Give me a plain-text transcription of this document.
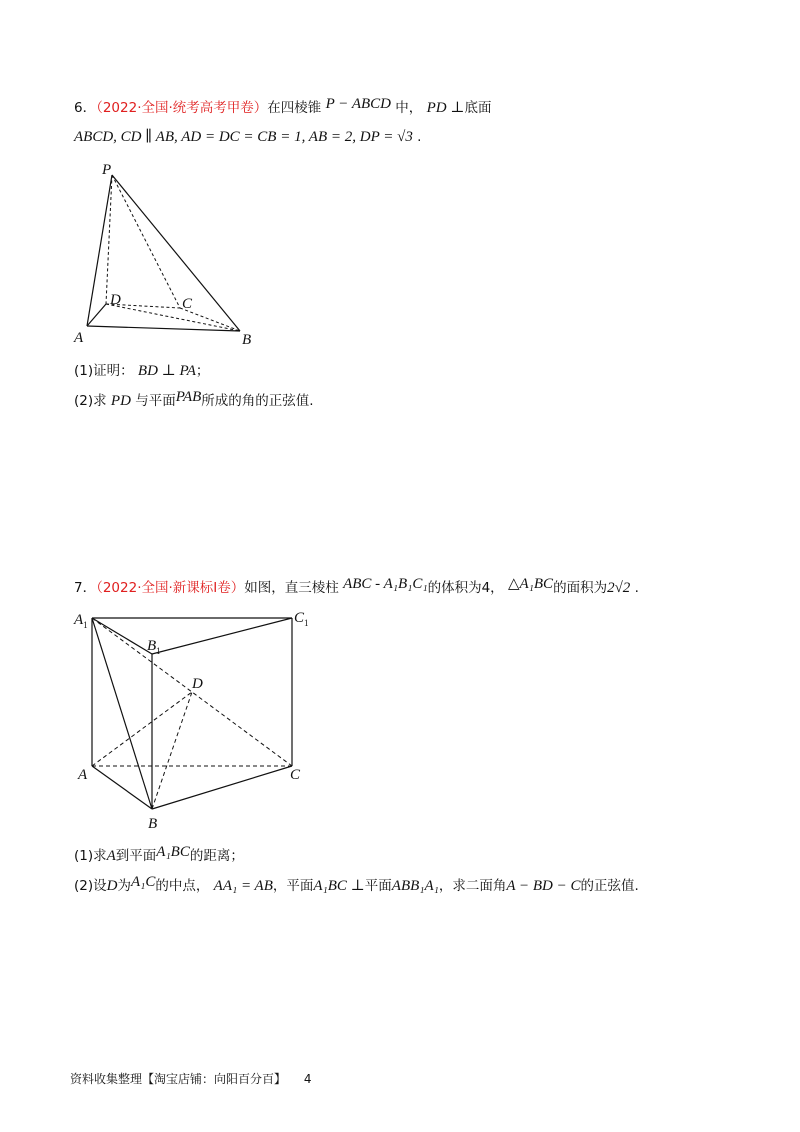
6．（2022·全国·统考高考甲卷）在四棱锥 P − ABCD 中， PD ⊥底面
ABCD, CD ∥ AB, AD = DC = CB = 1, AB = 2, DP = √3 .
P
D	C
A	B
(1)证明： BD ⊥ PA；
(2)求 PD 与平面PAB所成的角的正弦值.
7．（2022·全国·新课标Ⅰ卷）如图，直三棱柱 ABC - A₁B₁C₁的体积为4， △A₁BC的面积为2√2 .
$A_1$
$B_1$
$C_1$
D
A	C
B
(1)求A到平面A₁BC的距离；
(2)设D为A₁C的中点， AA₁ = AB，平面A₁BC ⊥平面ABB₁A₁，求二面角A − BD − C的正弦值.
资料收集整理【淘宝店铺：向阳百分百】 4
